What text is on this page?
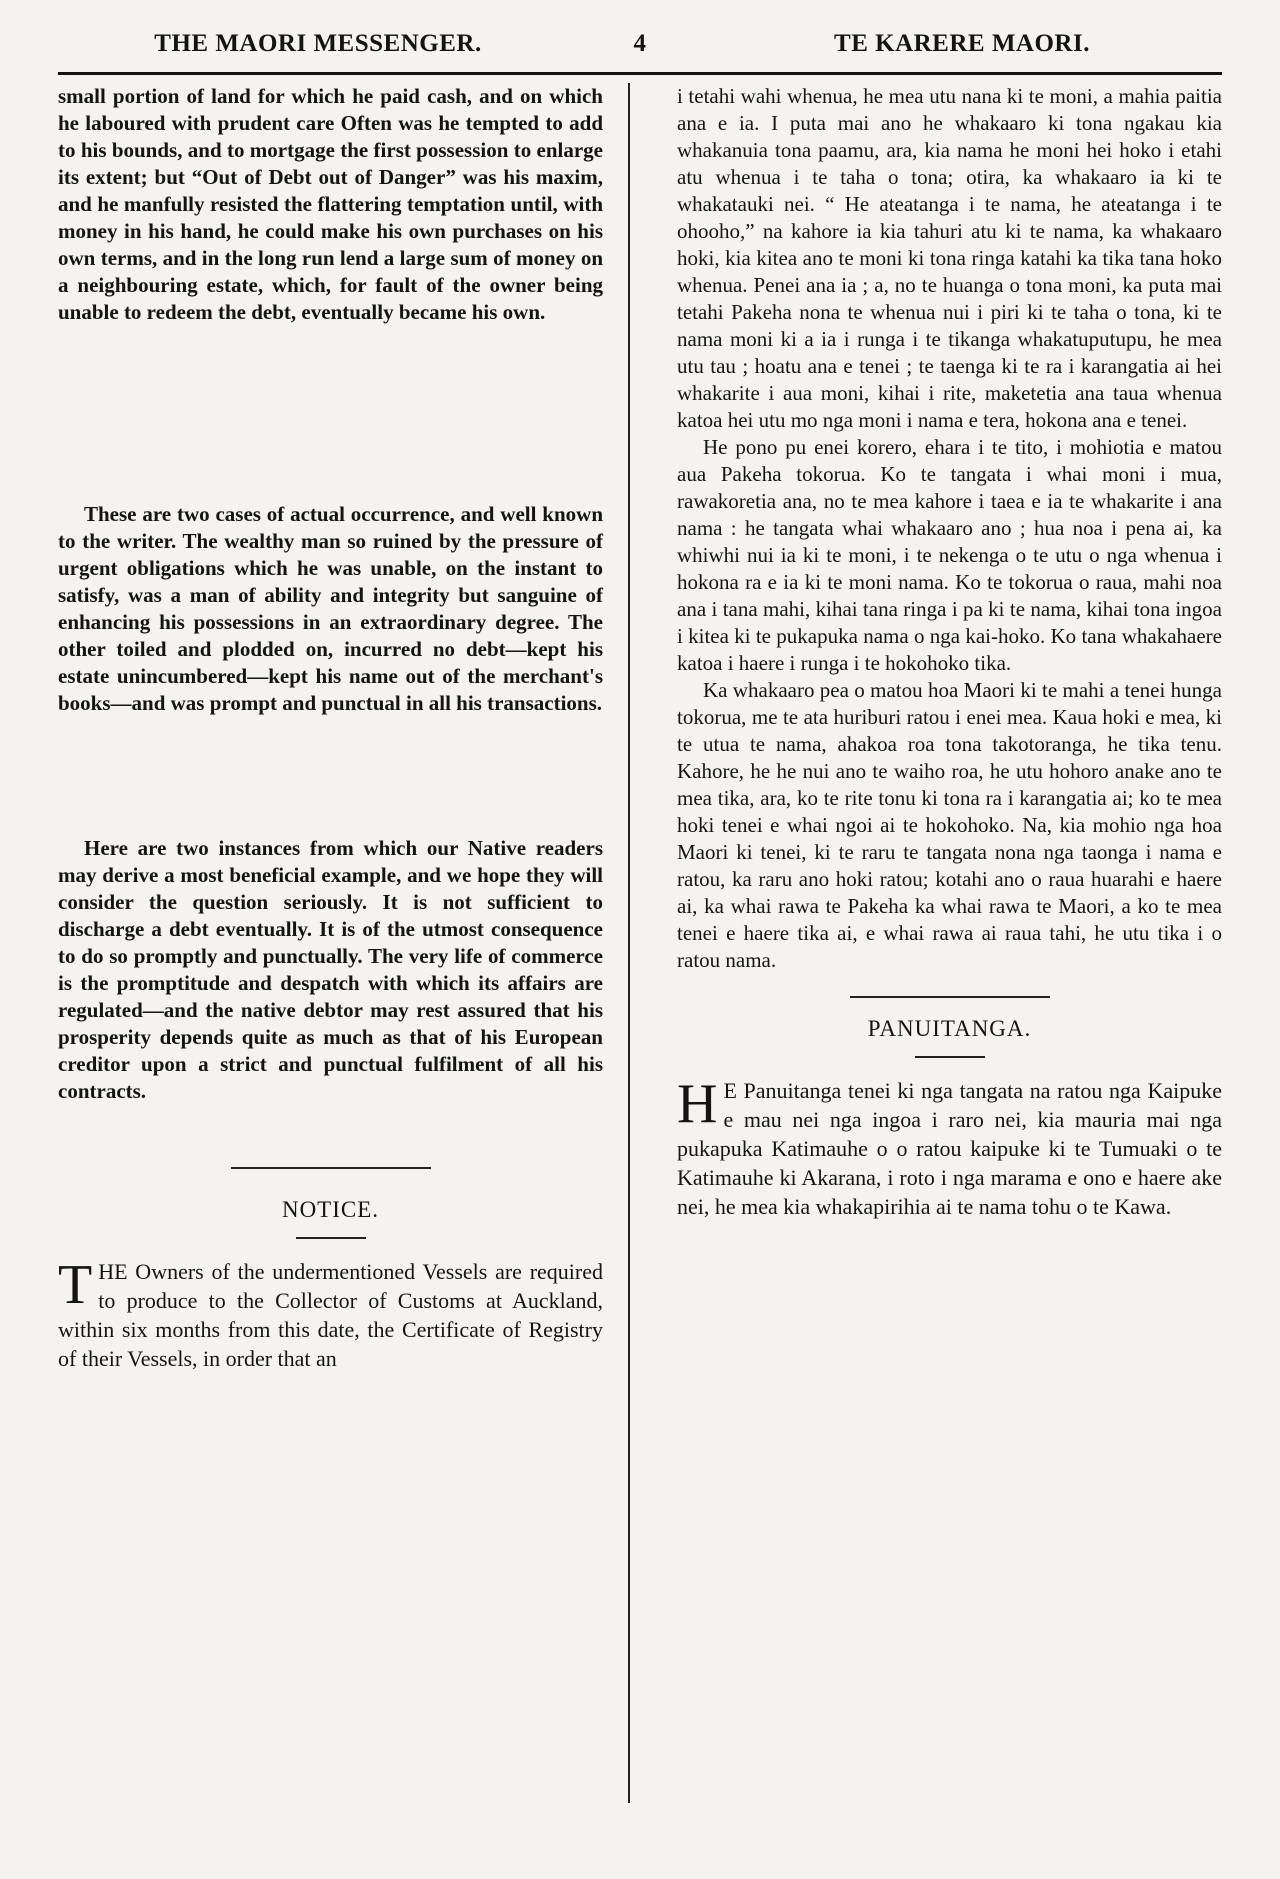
THE MAORI MESSENGER.	4	TE KARERE MAORI.

small portion of land for which he paid cash, and on which he laboured with prudent care Often was he tempted to add to his bounds, and to mortgage the first possession to enlarge its extent; but “Out of Debt out of Danger” was his maxim, and he manfully resisted the flattering temptation until, with money in his hand, he could make his own purchases on his own terms, and in the long run lend a large sum of money on a neighbouring estate, which, for fault of the owner being unable to redeem the debt, eventually became his own.

These are two cases of actual occurrence, and well known to the writer. The wealthy man so ruined by the pressure of urgent obligations which he was unable, on the instant to satisfy, was a man of ability and integrity but sanguine of enhancing his possessions in an extraordinary degree. The other toiled and plodded on, incurred no debt—kept his estate unincumbered—kept his name out of the merchant's books—and was prompt and punctual in all his transactions.

Here are two instances from which our Native readers may derive a most beneficial example, and we hope they will consider the question seriously. It is not sufficient to discharge a debt eventually. It is of the utmost consequence to do so promptly and punctually. The very life of commerce is the promptitude and despatch with which its affairs are regulated—and the native debtor may rest assured that his prosperity depends quite as much as that of his European creditor upon a strict and punctual fulfilment of all his contracts.

NOTICE.
T HE Owners of the undermentioned Vessels are required to produce to the Collector of Customs at Auckland, within six months from this date, the Certificate of Registry of their Vessels, in order that an

i tetahi wahi whenua, he mea utu nana ki te moni, a mahia paitia ana e ia. I puta mai ano he whakaaro ki tona ngakau kia whakanuia tona paamu, ara, kia nama he moni hei hoko i etahi atu whenua i te taha o tona; otira, ka whakaaro ia ki te whakatauki nei. “ He ateatanga i te nama, he ateatanga i te ohooho,” na kahore ia kia tahuri atu ki te nama, ka whakaaro hoki, kia kitea ano te moni ki tona ringa katahi ka tika tana hoko whenua. Penei ana ia ; a, no te huanga o tona moni, ka puta mai tetahi Pakeha nona te whenua nui i piri ki te taha o tona, ki te nama moni ki a ia i runga i te tikanga whakatuputupu, he mea utu tau ; hoatu ana e tenei ; te taenga ki te ra i karangatia ai hei whakarite i aua moni, kihai i rite, maketetia ana taua whenua katoa hei utu mo nga moni i nama e tera, hokona ana e tenei.

He pono pu enei korero, ehara i te tito, i mohiotia e matou aua Pakeha tokorua. Ko te tangata i whai moni i mua, rawakoretia ana, no te mea kahore i taea e ia te whakarite i ana nama : he tangata whai whakaaro ano ; hua noa i pena ai, ka whiwhi nui ia ki te moni, i te nekenga o te utu o nga whenua i hokona ra e ia ki te moni nama. Ko te tokorua o raua, mahi noa ana i tana mahi, kihai tana ringa i pa ki te nama, kihai tona ingoa i kitea ki te pukapuka nama o nga kai-hoko. Ko tana whakahaere katoa i haere i runga i te hokohoko tika.

Ka whakaaro pea o matou hoa Maori ki te mahi a tenei hunga tokorua, me te ata huriburi ratou i enei mea. Kaua hoki e mea, ki te utua te nama, ahakoa roa tona takotoranga, he tika tenu. Kahore, he he nui ano te waiho roa, he utu hohoro anake ano te mea tika, ara, ko te rite tonu ki tona ra i karangatia ai; ko te mea hoki tenei e whai ngoi ai te hokohoko. Na, kia mohio nga hoa Maori ki tenei, ki te raru te tangata nona nga taonga i nama e ratou, ka raru ano hoki ratou; kotahi ano o raua huarahi e haere ai, ka whai rawa te Pakeha ka whai rawa te Maori, a ko te mea tenei e haere tika ai, e whai rawa ai raua tahi, he utu tika i o ratou nama.

PANUITANGA.
H E Panuitanga tenei ki nga tangata na ratou nga Kaipuke e mau nei nga ingoa i raro nei, kia mauria mai nga pukapuka Katimauhe o o ratou kaipuke ki te Tumuaki o te Katimauhe ki Akarana, i roto i nga marama e ono e haere ake nei, he mea kia whakapirihia ai te nama tohu o te Kawa.
